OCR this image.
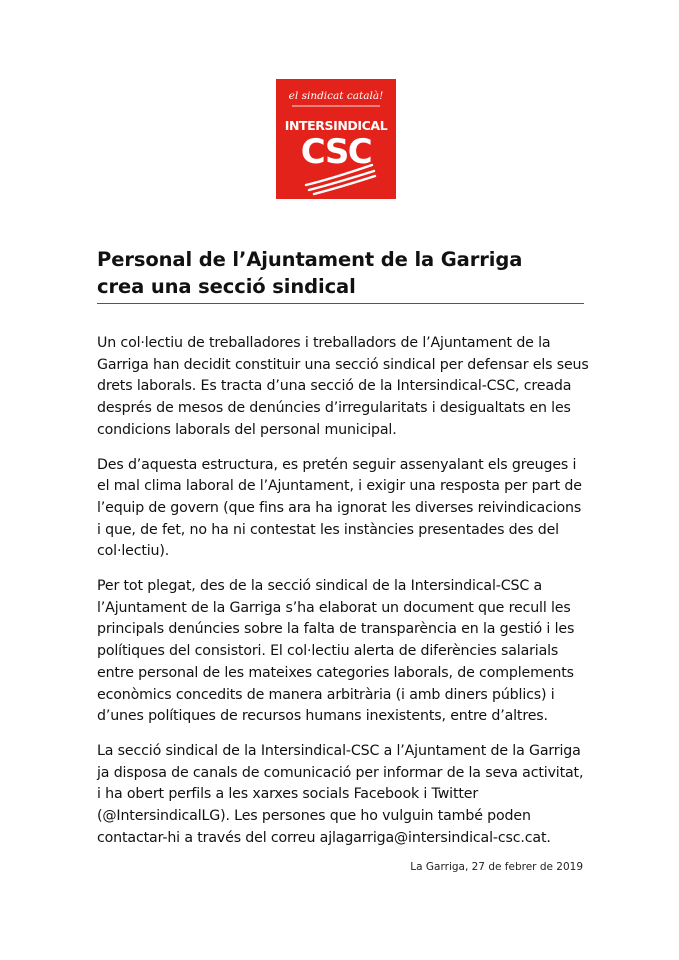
el sindicat català!
INTERSINDICAL
CSC
Personal de l’Ajuntament de la Garriga
crea una secció sindical

Un col·lectiu de treballadores i treballadors de l’Ajuntament de la Garriga han decidit constituir una secció sindical per defensar els seus drets laborals. Es tracta d’una secció de la Intersindical-CSC, creada després de mesos de denúncies d’irregularitats i desigualtats en les condicions laborals del personal municipal.

Des d’aquesta estructura, es pretén seguir assenyalant els greuges i el mal clima laboral de l’Ajuntament, i exigir una resposta per part de l’equip de govern (que fins ara ha ignorat les diverses reivindicacions i que, de fet, no ha ni contestat les instàncies presentades des del col·lectiu).

Per tot plegat, des de la secció sindical de la Intersindical-CSC a l’Ajuntament de la Garriga s’ha elaborat un document que recull les principals denúncies sobre la falta de transparència en la gestió i les polítiques del consistori. El col·lectiu alerta de diferències salarials entre personal de les mateixes categories laborals, de complements econòmics concedits de manera arbitrària (i amb diners públics) i d’unes polítiques de recursos humans inexistents, entre d’altres.

La secció sindical de la Intersindical-CSC a l’Ajuntament de la Garriga ja disposa de canals de comunicació per informar de la seva activitat, i ha obert perfils a les xarxes socials Facebook i Twitter (@IntersindicalLG). Les persones que ho vulguin també poden contactar-hi a través del correu ajlagarriga@intersindical-csc.cat.

La Garriga, 27 de febrer de 2019
